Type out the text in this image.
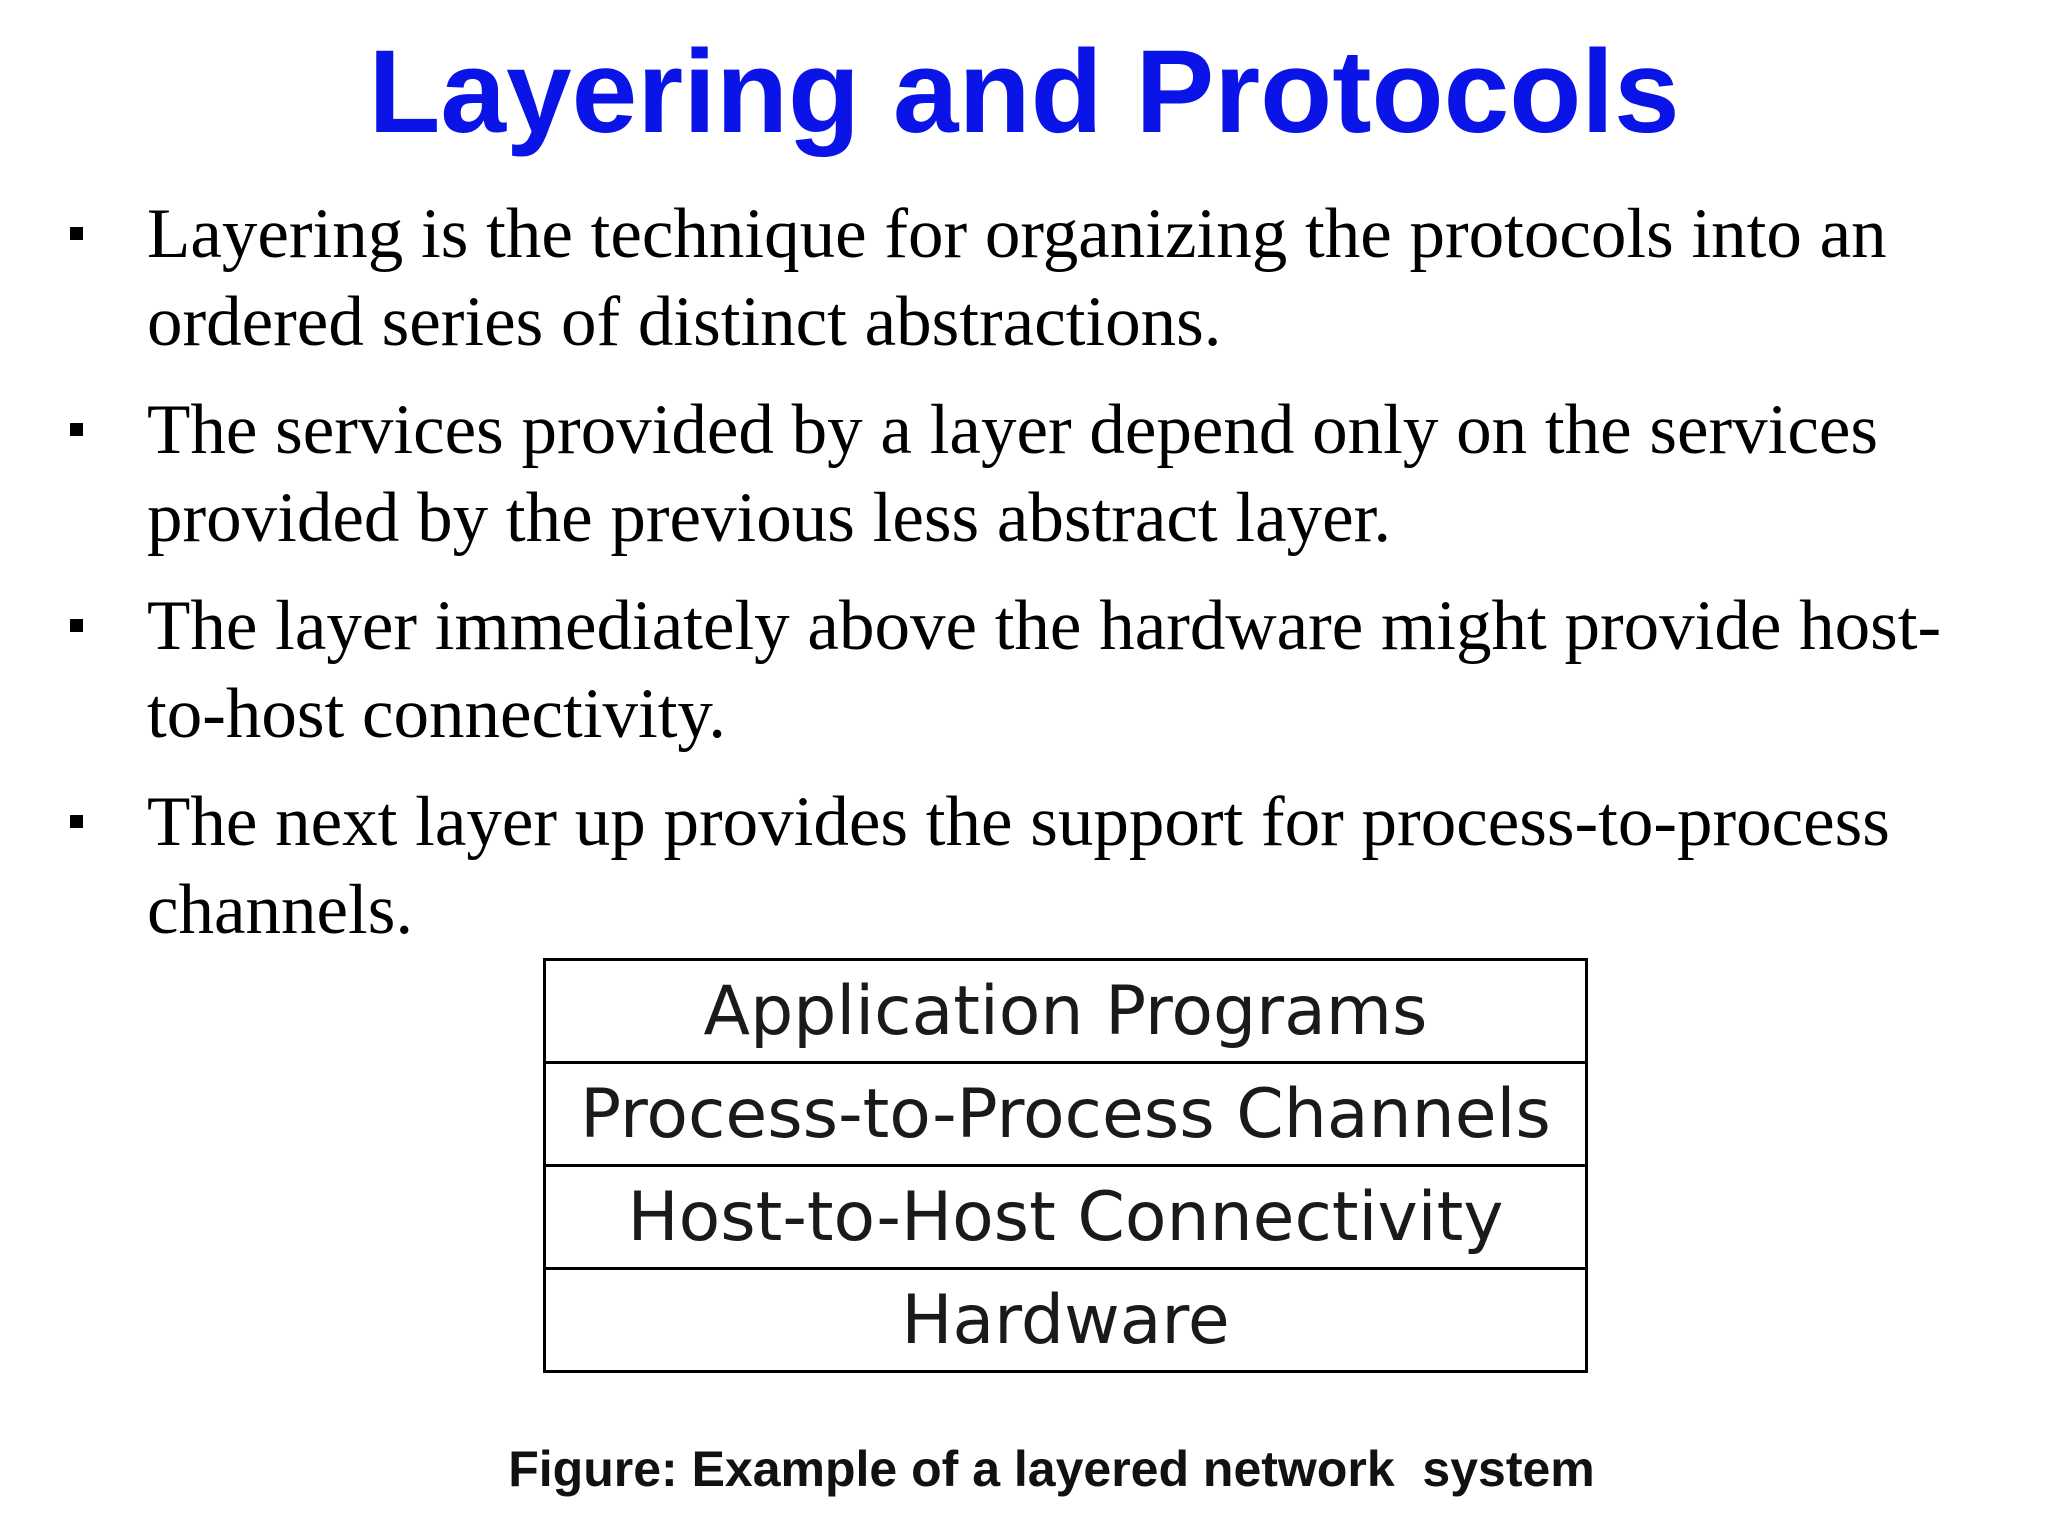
Layering and Protocols
Layering is the technique for organizing the protocols into an
ordered series of distinct abstractions.
The services provided by a layer depend only on the services
provided by the previous less abstract layer.
The layer immediately above the hardware might provide host-
to-host connectivity.
The next layer up provides the support for process-to-process
channels.
Application Programs
Process-to-Process Channels
Host-to-Host Connectivity
Hardware
Figure: Example of a layered network  system
